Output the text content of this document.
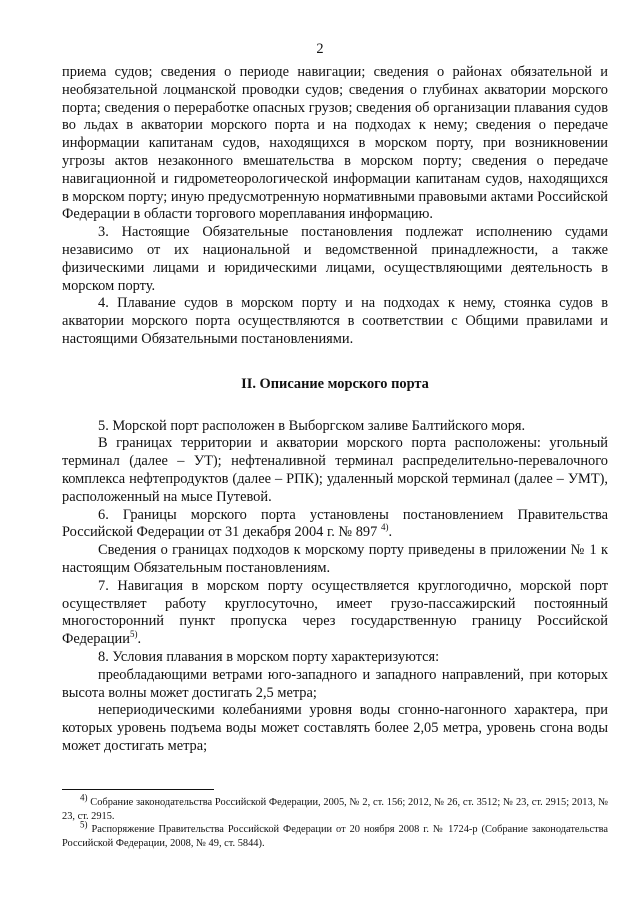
2

приема судов; сведения о периоде навигации; сведения о районах обязательной и необязательной лоцманской проводки судов; сведения о глубинах акватории морского порта; сведения о переработке опасных грузов; сведения об организации плавания судов во льдах в акватории морского порта и на подходах к нему; сведения о передаче информации капитанам судов, находящихся в морском порту, при возникновении угрозы актов незаконного вмешательства в морском порту; сведения о передаче навигационной и гидрометеорологической информации капитанам судов, находящихся в морском порту; иную предусмотренную нормативными правовыми актами Российской Федерации в области торгового мореплавания информацию.

3. Настоящие Обязательные постановления подлежат исполнению судами независимо от их национальной и ведомственной принадлежности, а также физическими лицами и юридическими лицами, осуществляющими деятельность в морском порту.

4. Плавание судов в морском порту и на подходах к нему, стоянка судов в акватории морского порта осуществляются в соответствии с Общими правилами и настоящими Обязательными постановлениями.

II. Описание морского порта

5. Морской порт расположен в Выборгском заливе Балтийского моря.

В границах территории и акватории морского порта расположены: угольный терминал (далее – УТ); нефтеналивной терминал распределительно-перевалочного комплекса нефтепродуктов (далее – РПК); удаленный морской терминал (далее – УМТ), расположенный на мысе Путевой.

6. Границы морского порта установлены постановлением Правительства Российской Федерации от 31 декабря 2004 г. № 897 $^{4)}$.

Сведения о границах подходов к морскому порту приведены в приложении № 1 к настоящим Обязательным постановлениям.

7. Навигация в морском порту осуществляется круглогодично, морской порт осуществляет работу круглосуточно, имеет грузо-пассажирский постоянный многосторонний пункт пропуска через государственную границу Российской Федерации$^{5)}$.

8. Условия плавания в морском порту характеризуются:

преобладающими ветрами юго-западного и западного направлений, при которых высота волны может достигать 2,5 метра;

непериодическими колебаниями уровня воды сгонно-нагонного характера, при которых уровень подъема воды может составлять более 2,05 метра, уровень сгона воды может достигать метра;

$^{4)}$ Собрание законодательства Российской Федерации, 2005, № 2, ст. 156; 2012, № 26, ст. 3512; № 23, ст. 2915; 2013, № 23, ст. 2915.

$^{5)}$ Распоряжение Правительства Российской Федерации от 20 ноября 2008 г. № 1724-р (Собрание законодательства Российской Федерации, 2008, № 49, ст. 5844).
